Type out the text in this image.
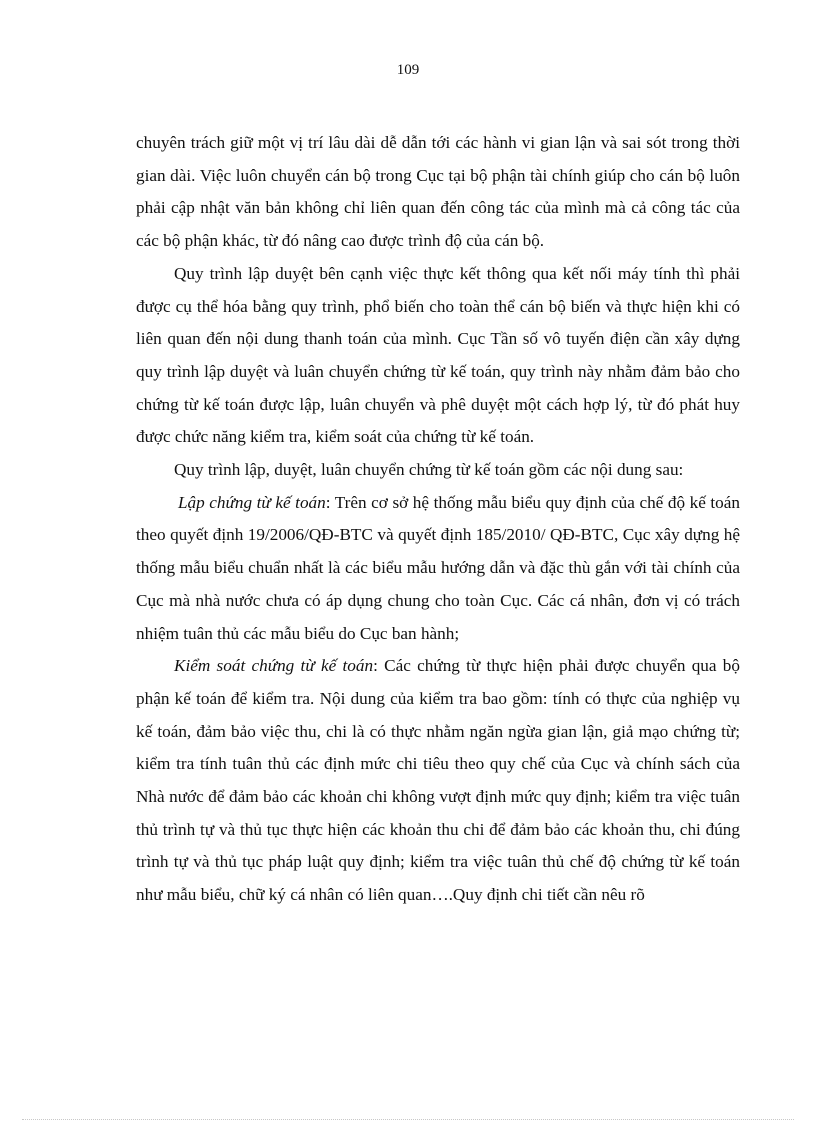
109

chuyên trách giữ một vị trí lâu dài dễ dẫn tới các hành vi gian lận và sai sót trong thời gian dài. Việc luôn chuyển cán bộ trong Cục tại bộ phận tài chính giúp cho cán bộ luôn phải cập nhật văn bản không chỉ liên quan đến công tác của mình mà cả công tác của các bộ phận khác, từ đó nâng cao được trình độ của cán bộ.

Quy trình lập duyệt bên cạnh việc thực kết thông qua kết nối máy tính thì phải được cụ thể hóa bằng quy trình, phổ biến cho toàn thể cán bộ biến và thực hiện khi có liên quan đến nội dung thanh toán của mình. Cục Tần số vô tuyến điện cần xây dựng quy trình lập duyệt và luân chuyển chứng từ kế toán, quy trình này nhằm đảm bảo cho chứng từ kế toán được lập, luân chuyển và phê duyệt một cách hợp lý, từ đó phát huy được chức năng kiểm tra, kiểm soát của chứng từ kế toán.

Quy trình lập, duyệt, luân chuyển chứng từ kế toán gồm các nội dung sau:

Lập chứng từ kế toán: Trên cơ sở hệ thống mẫu biểu quy định của chế độ kế toán theo quyết định 19/2006/QĐ-BTC và quyết định 185/2010/ QĐ-BTC, Cục xây dựng hệ thống mẫu biểu chuẩn nhất là các biểu mẫu hướng dẫn và đặc thù gắn với tài chính của Cục mà nhà nước chưa có áp dụng chung cho toàn Cục. Các cá nhân, đơn vị có trách nhiệm tuân thủ các mẫu biểu do Cục ban hành;

Kiểm soát chứng từ kế toán: Các chứng từ thực hiện phải được chuyển qua bộ phận kế toán để kiểm tra. Nội dung của kiểm tra bao gồm: tính có thực của nghiệp vụ kế toán, đảm bảo việc thu, chi là có thực nhằm ngăn ngừa gian lận, giả mạo chứng từ; kiểm tra tính tuân thủ các định mức chi tiêu theo quy chế của Cục và chính sách của Nhà nước để đảm bảo các khoản chi không vượt định mức quy định; kiểm tra việc tuân thủ trình tự và thủ tục thực hiện các khoản thu chi để đảm bảo các khoản thu, chi đúng trình tự và thủ tục pháp luật quy định; kiểm tra việc tuân thủ chế độ chứng từ kế toán như mẫu biểu, chữ ký cá nhân có liên quan….Quy định chi tiết cần nêu rõ
